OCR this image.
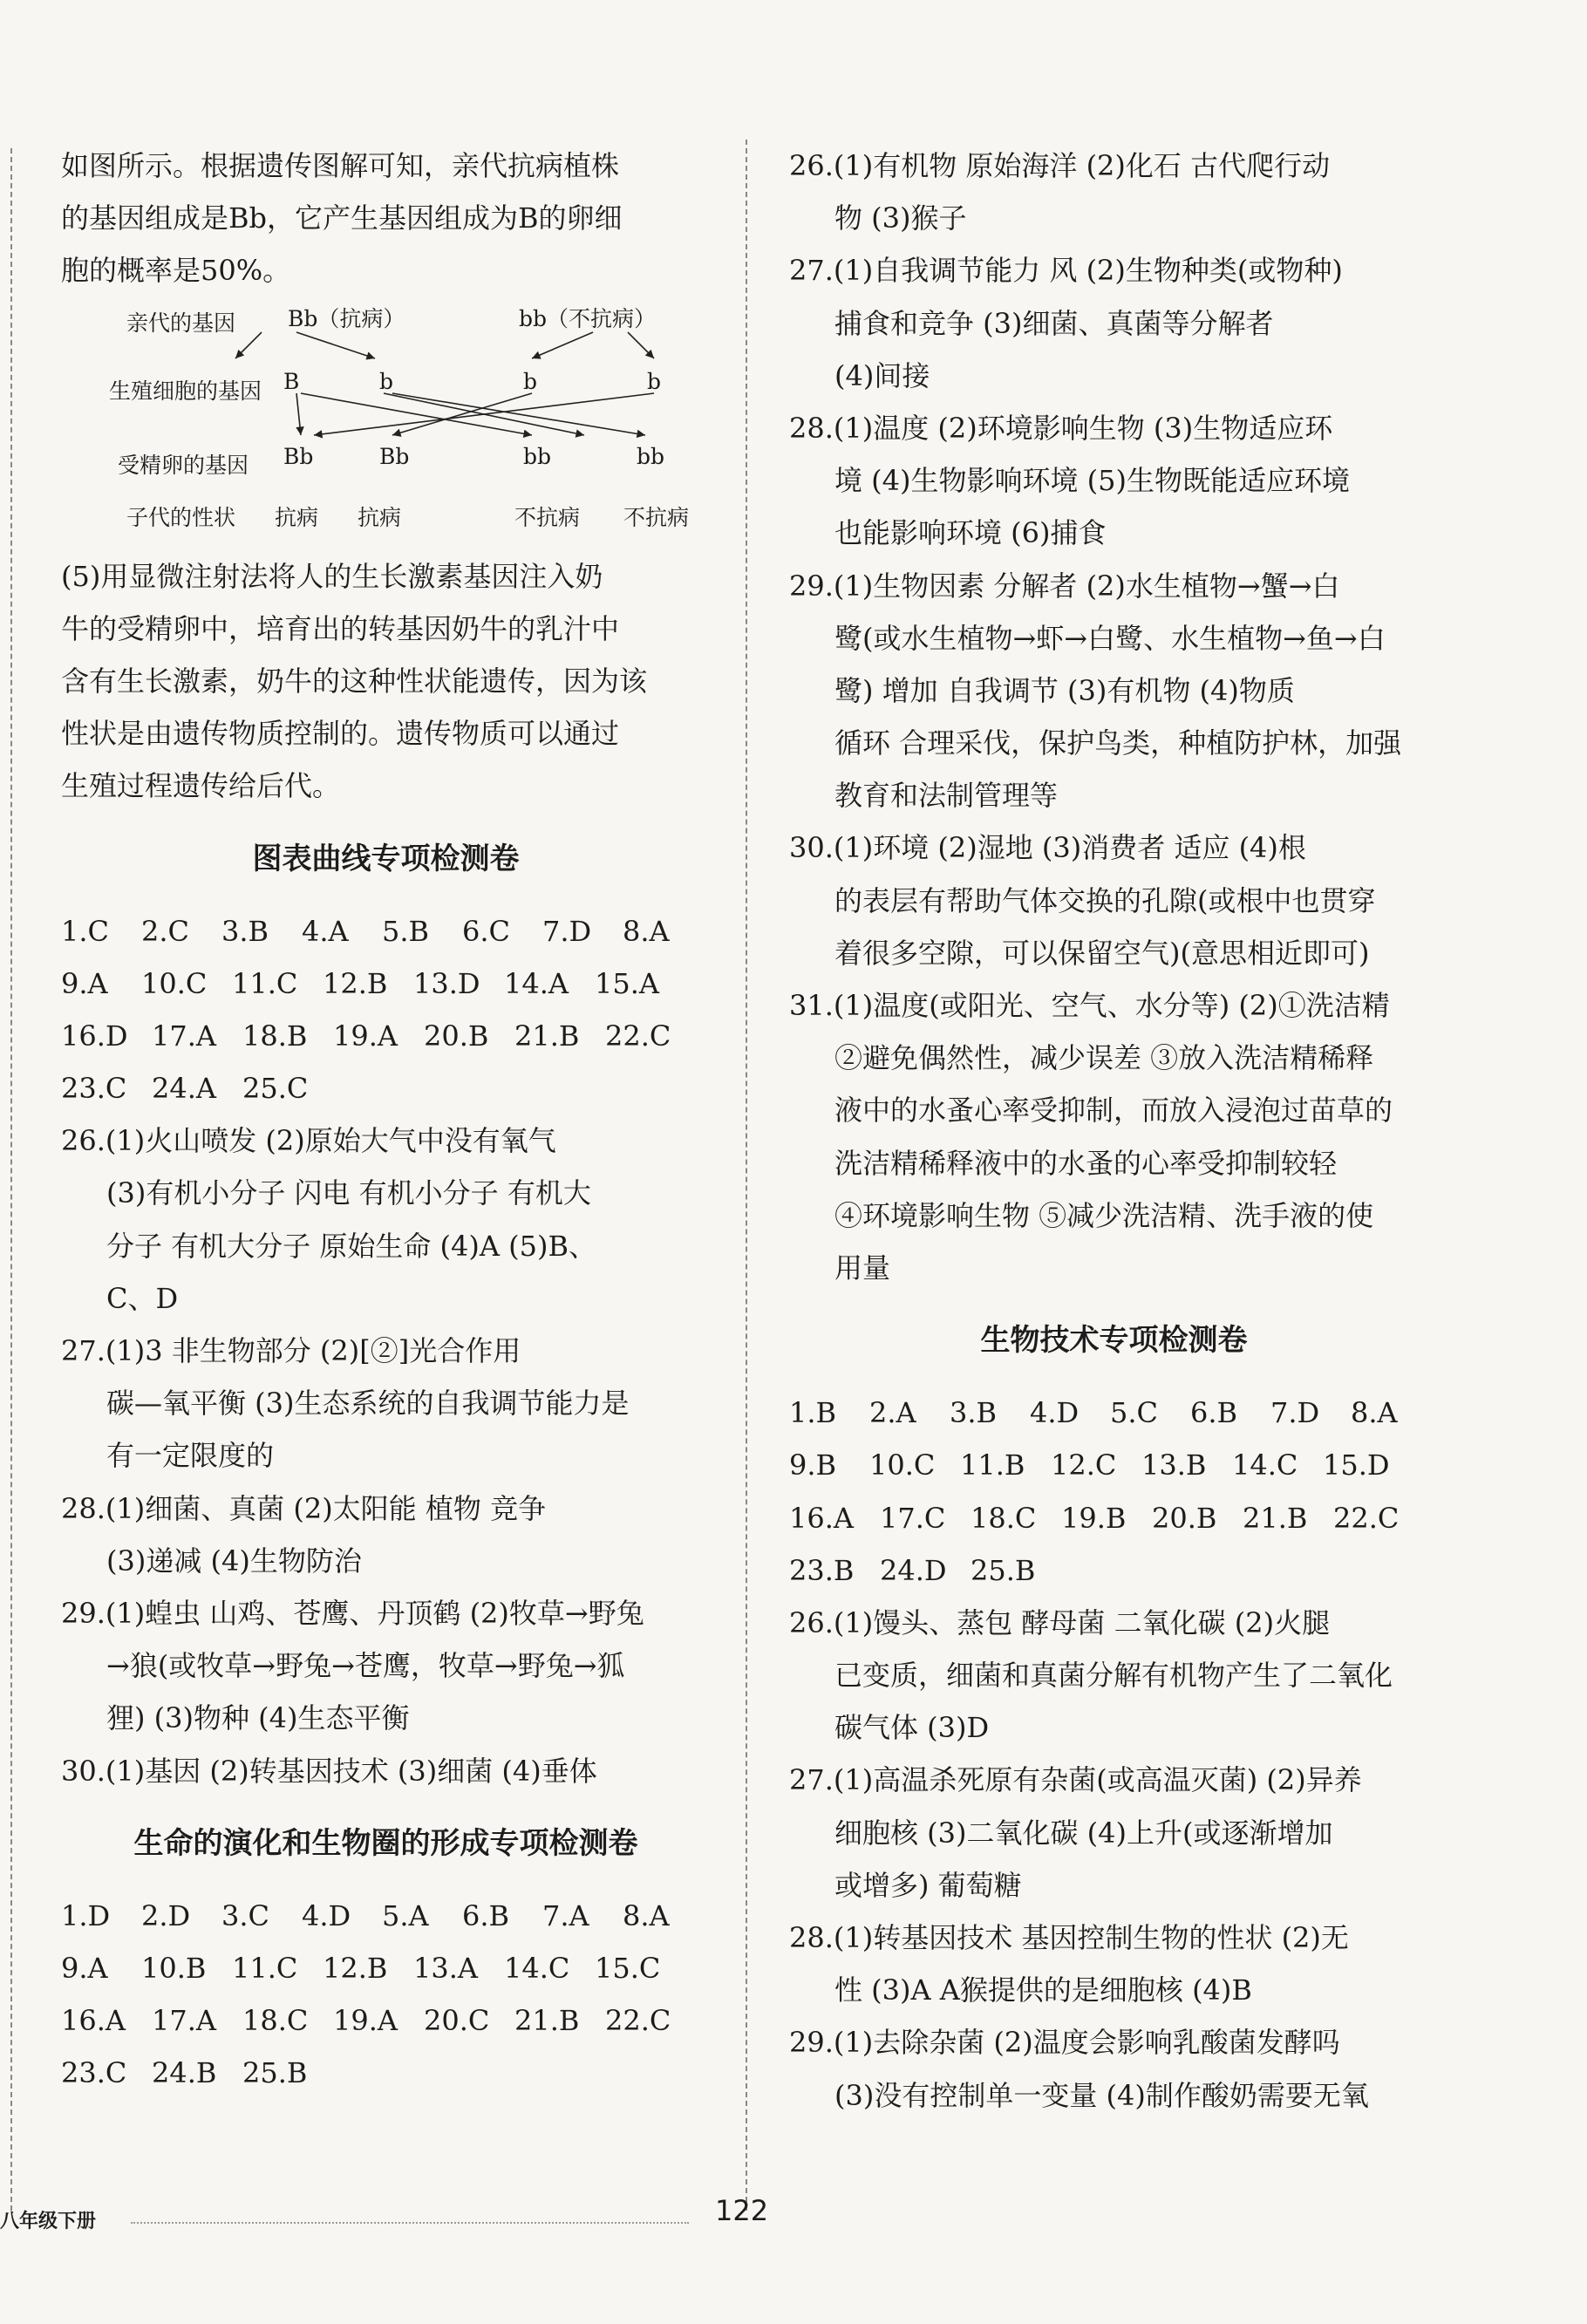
如图所示。根据遗传图解可知，亲代抗病植株
的基因组成是Bb，它产生基因组成为B的卵细
胞的概率是50%。
亲代的基因 Bb（抗病）	bb（不抗病）
生殖细胞的基因 B	b	b	b
受精卵的基因 Bb	Bb	bb	bb
子代的性状 抗病 抗病	不抗病 不抗病
(5)用显微注射法将人的生长激素基因注入奶
牛的受精卵中，培育出的转基因奶牛的乳汁中
含有生长激素，奶牛的这种性状能遗传，因为该
性状是由遗传物质控制的。遗传物质可以通过
生殖过程遗传给后代。
图表曲线专项检测卷
1.C 2.C 3.B 4.A 5.B 6.C 7.D 8.A
9.A 10.C 11.C 12.B 13.D 14.A 15.A
16.D 17.A 18.B 19.A 20.B 21.B 22.C
23.C 24.A 25.C
26.(1)火山喷发 (2)原始大气中没有氧气
(3)有机小分子 闪电 有机小分子 有机大
分子 有机大分子 原始生命 (4)A (5)B、
C、D
27.(1)3 非生物部分 (2)[②]光合作用
碳—氧平衡 (3)生态系统的自我调节能力是
有一定限度的
28.(1)细菌、真菌 (2)太阳能 植物 竞争
(3)递减 (4)生物防治
29.(1)蝗虫 山鸡、苍鹰、丹顶鹤 (2)牧草→野兔
→狼(或牧草→野兔→苍鹰，牧草→野兔→狐
狸) (3)物种 (4)生态平衡
30.(1)基因 (2)转基因技术 (3)细菌 (4)垂体
生命的演化和生物圈的形成专项检测卷
1.D 2.D 3.C 4.D 5.A 6.B 7.A 8.A
9.A 10.B 11.C 12.B 13.A 14.C 15.C
16.A 17.A 18.C 19.A 20.C 21.B 22.C
23.C 24.B 25.B
26.(1)有机物 原始海洋 (2)化石 古代爬行动
物 (3)猴子
27.(1)自我调节能力 风 (2)生物种类(或物种)
捕食和竞争 (3)细菌、真菌等分解者
(4)间接
28.(1)温度 (2)环境影响生物 (3)生物适应环
境 (4)生物影响环境 (5)生物既能适应环境
也能影响环境 (6)捕食
29.(1)生物因素 分解者 (2)水生植物→蟹→白
鹭(或水生植物→虾→白鹭、水生植物→鱼→白
鹭) 增加 自我调节 (3)有机物 (4)物质
循环 合理采伐，保护鸟类，种植防护林，加强
教育和法制管理等
30.(1)环境 (2)湿地 (3)消费者 适应 (4)根
的表层有帮助气体交换的孔隙(或根中也贯穿
着很多空隙，可以保留空气)(意思相近即可)
31.(1)温度(或阳光、空气、水分等) (2)①洗洁精
②避免偶然性，减少误差 ③放入洗洁精稀释
液中的水蚤心率受抑制，而放入浸泡过苗草的
洗洁精稀释液中的水蚤的心率受抑制较轻
④环境影响生物 ⑤减少洗洁精、洗手液的使
用量
生物技术专项检测卷
1.B 2.A 3.B 4.D 5.C 6.B 7.D 8.A
9.B 10.C 11.B 12.C 13.B 14.C 15.D
16.A 17.C 18.C 19.B 20.B 21.B 22.C
23.B 24.D 25.B
26.(1)馒头、蒸包 酵母菌 二氧化碳 (2)火腿
已变质，细菌和真菌分解有机物产生了二氧化
碳气体 (3)D
27.(1)高温杀死原有杂菌(或高温灭菌) (2)异养
细胞核 (3)二氧化碳 (4)上升(或逐渐增加
或增多) 葡萄糖
28.(1)转基因技术 基因控制生物的性状 (2)无
性 (3)A A猴提供的是细胞核 (4)B
29.(1)去除杂菌 (2)温度会影响乳酸菌发酵吗
(3)没有控制单一变量 (4)制作酸奶需要无氧
八年级下册	122
